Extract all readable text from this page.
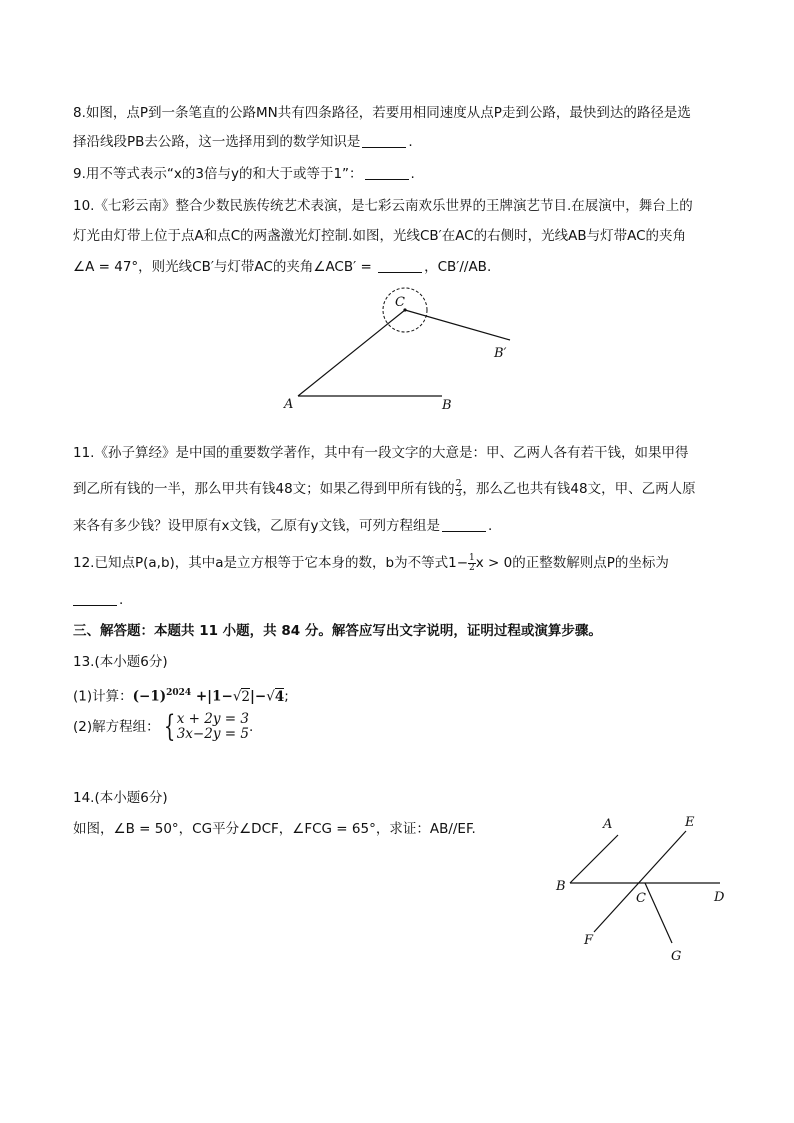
8.如图，点P到一条笔直的公路MN共有四条路径，若要用相同速度从点P走到公路，最快到达的路径是选
择沿线段PB去公路，这一选择用到的数学知识是	.
9.用不等式表示“x的3倍与y的和大于或等于1”：	.
10.《七彩云南》整合少数民族传统艺术表演，是七彩云南欢乐世界的王牌演艺节目.在展演中，舞台上的
灯光由灯带上位于点A和点C的两盏激光灯控制.如图，光线CB′在AC的右侧时，光线AB与灯带AC的夹角
∠A = 47°，则光线CB′与灯带AC的夹角∠ACB′ =	，CB′//AB.
C
A	B
B′
11.《孙子算经》是中国的重要数学著作，其中有一段文字的大意是：甲、乙两人各有若干钱，如果甲得
到乙所有钱的一半，那么甲共有钱48文；如果乙得到甲所有钱的 $\frac{2}{3}$ ，那么乙也共有钱48文，甲、乙两人原
来各有多少钱？设甲原有x文钱，乙原有y文钱，可列方程组是	.
12.已知点P(a,b)，其中a是立方根等于它本身的数，b为不等式$1- \frac{1}{2}$ x > 0的正整数解则点P的坐标为
.
三、解答题：本题共 11 小题，共 84 分。解答应写出文字说明，证明过程或演算步骤。
13.(本小题6分)
(1)计算：$(-1)^{2024} +|1-√2|-√4$;
(2)解方程组： { x + 2y = 3
3x−2y = 5 .
14.(本小题6分)
如图，∠B = 50°，CG平分∠DCF，∠FCG = 65°，求证：AB//EF.	A	E
B
C	D
F
G
